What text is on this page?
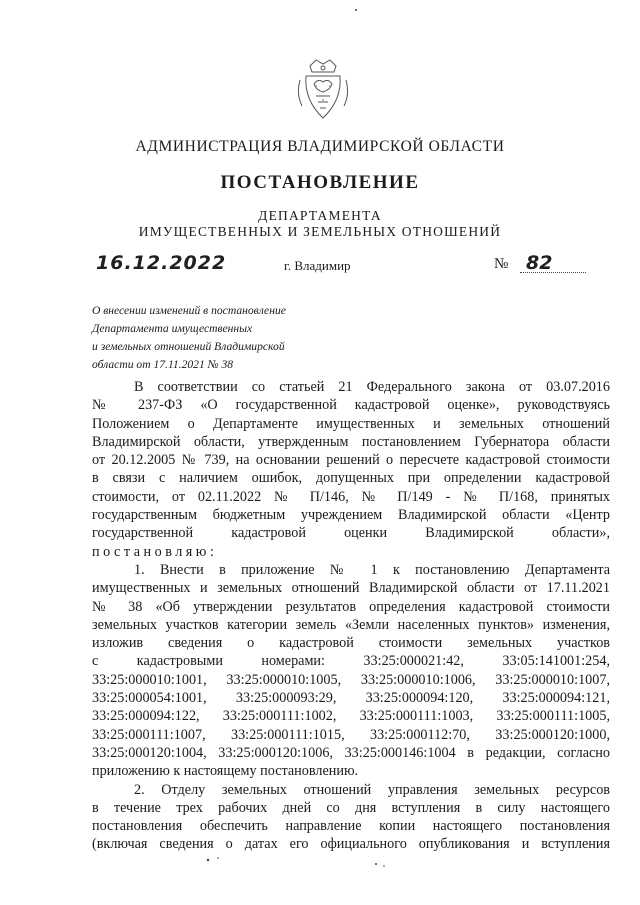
АДМИНИСТРАЦИЯ ВЛАДИМИРСКОЙ ОБЛАСТИ
ПОСТАНОВЛЕНИЕ
ДЕПАРТАМЕНТА
ИМУЩЕСТВЕННЫХ И ЗЕМЕЛЬНЫХ ОТНОШЕНИЙ
16.12.2022	г. Владимир	№ 82
О внесении изменений в постановление
Департамента имущественных
и земельных отношений Владимирской
области от 17.11.2021 № 38
В соответствии со статьей 21 Федерального закона от 03.07.2016
№ 237-ФЗ «О государственной кадастровой оценке», руководствуясь
Положением о Департаменте имущественных и земельных отношений
Владимирской области, утвержденным постановлением Губернатора области
от 20.12.2005 № 739, на основании решений о пересчете кадастровой стоимости
в связи с наличием ошибок, допущенных при определении кадастровой
стоимости, от 02.11.2022 № П/146, № П/149 - № П/168, принятых
государственным бюджетным учреждением Владимирской области «Центр
государственной кадастровой оценки Владимирской области»,
постановляю:
1. Внести в приложение № 1 к постановлению Департамента
имущественных и земельных отношений Владимирской области от 17.11.2021
№ 38 «Об утверждении результатов определения кадастровой стоимости
земельных участков категории земель «Земли населенных пунктов» изменения,
изложив сведения о кадастровой стоимости земельных участков
с кадастровыми номерами: 33:25:000021:42, 33:05:141001:254,
33:25:000010:1001, 33:25:000010:1005, 33:25:000010:1006, 33:25:000010:1007,
33:25:000054:1001, 33:25:000093:29, 33:25:000094:120, 33:25:000094:121,
33:25:000094:122, 33:25:000111:1002, 33:25:000111:1003, 33:25:000111:1005,
33:25:000111:1007, 33:25:000111:1015, 33:25:000112:70, 33:25:000120:1000,
33:25:000120:1004, 33:25:000120:1006, 33:25:000146:1004 в редакции, согласно
приложению к настоящему постановлению.
2. Отделу земельных отношений управления земельных ресурсов
в течение трех рабочих дней со дня вступления в силу настоящего
постановления обеспечить направление копии настоящего постановления
(включая сведения о датах его официального опубликования и вступления
